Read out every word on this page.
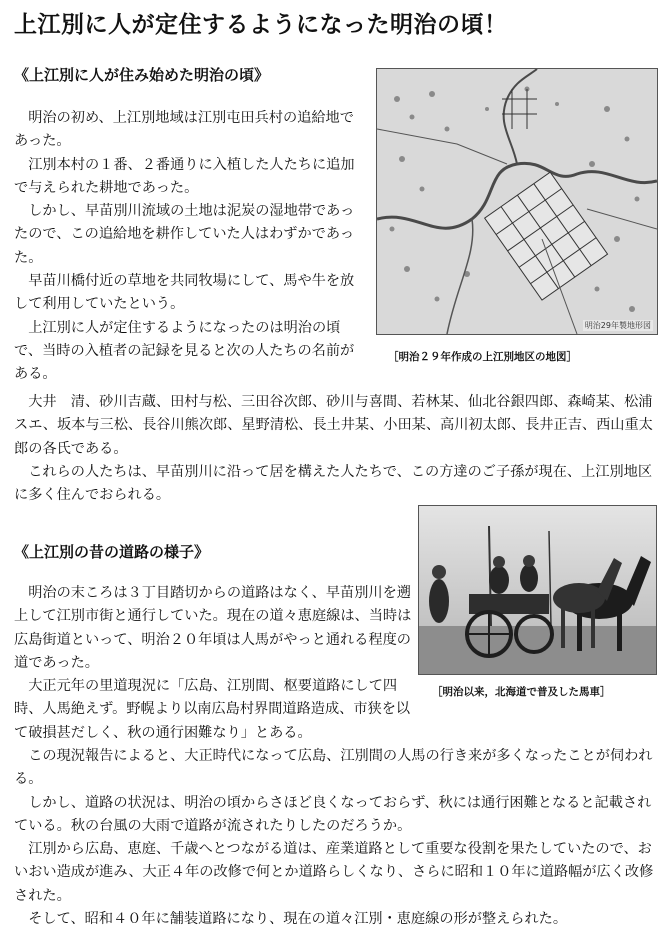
上江別に人が定住するようになった明治の頃！
《上江別に人が住み始めた明治の頃》

明治の初め、上江別地域は江別屯田兵村の追給地であった。

江別本村の１番、２番通りに入植した人たちに追加で与えられた耕地であった。

しかし、早苗別川流域の土地は泥炭の湿地帯であったので、この追給地を耕作していた人はわずかであった。

早苗川橋付近の草地を共同牧場にして、馬や牛を放して利用していたという。

上江別に人が定住するようになったのは明治の頃で、当時の入植者の記録を見ると次の人たちの名前がある。

大井　清、砂川吉蔵、田村与松、三田谷次郎、砂川与喜間、若林某、仙北谷銀四郎、森崎某、松浦スエ、坂本与三松、長谷川熊次郎、星野清松、長土井某、小田某、高川初太郎、長井正吉、西山重太郎の各氏である。

これらの人たちは、早苗別川に沿って居を構えた人たちで、この方達のご子孫が現在、上江別地区に多く住んでおられる。

明治29年製地形図
［明治２９年作成の上江別地区の地図］
《上江別の昔の道路の様子》

明治の末ころは３丁目踏切からの道路はなく、早苗別川を遡上して江別市街と通行していた。現在の道々恵庭線は、当時は広島街道といって、明治２０年頃は人馬がやっと通れる程度の道であった。

大正元年の里道現況に「広島、江別間、枢要道路にして四時、人馬絶えず。野幌より以南広島村界間道路造成、市狭を以て破損甚だしく、秋の通行困難なり」とある。

この現況報告によると、大正時代になって広島、江別間の人馬の行き来が多くなったことが伺われる。

しかし、道路の状況は、明治の頃からさほど良くなっておらず、秋には通行困難となると記載されている。秋の台風の大雨で道路が流されたりしたのだろうか。

江別から広島、恵庭、千歳へとつながる道は、産業道路として重要な役割を果たしていたので、おいおい造成が進み、大正４年の改修で何とか道路らしくなり、さらに昭和１０年に道路幅が広く改修された。

そして、昭和４０年に舗装道路になり、現在の道々江別・恵庭線の形が整えられた。

［明治以来，北海道で普及した馬車］
